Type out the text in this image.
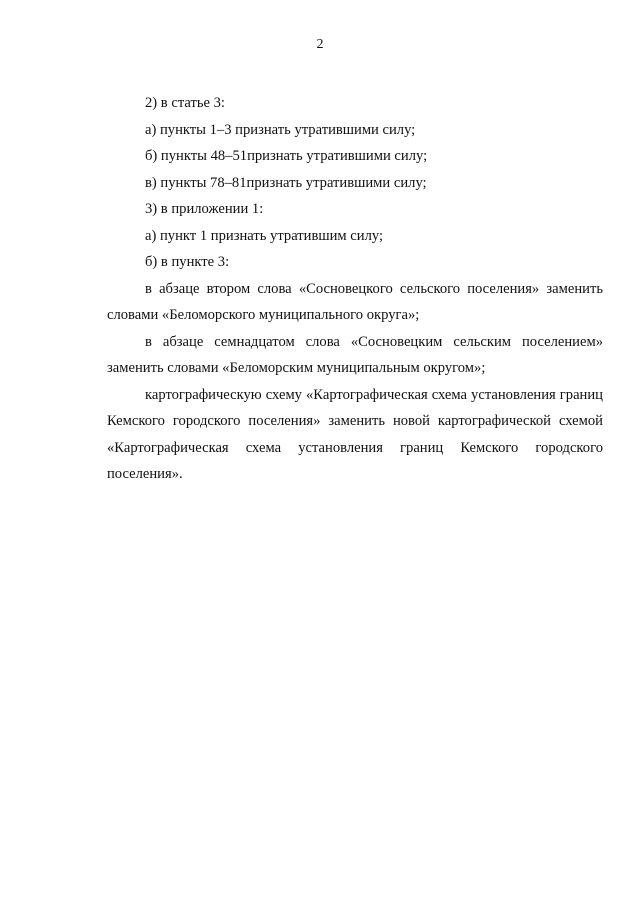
2

2) в статье 3:

а) пункты 1–3 признать утратившими силу;

б) пункты 48–51признать утратившими силу;

в) пункты 78–81признать утратившими силу;

3) в приложении 1:

а) пункт 1 признать утратившим силу;

б) в пункте 3:

в абзаце втором слова «Сосновецкого сельского поселения» заменить словами «Беломорского муниципального округа»;

в абзаце семнадцатом слова «Сосновецким сельским поселением» заменить словами «Беломорским муниципальным округом»;

картографическую схему «Картографическая схема установления границ Кемского городского поселения» заменить новой картографической схемой «Картографическая схема установления границ Кемского городского поселения».
